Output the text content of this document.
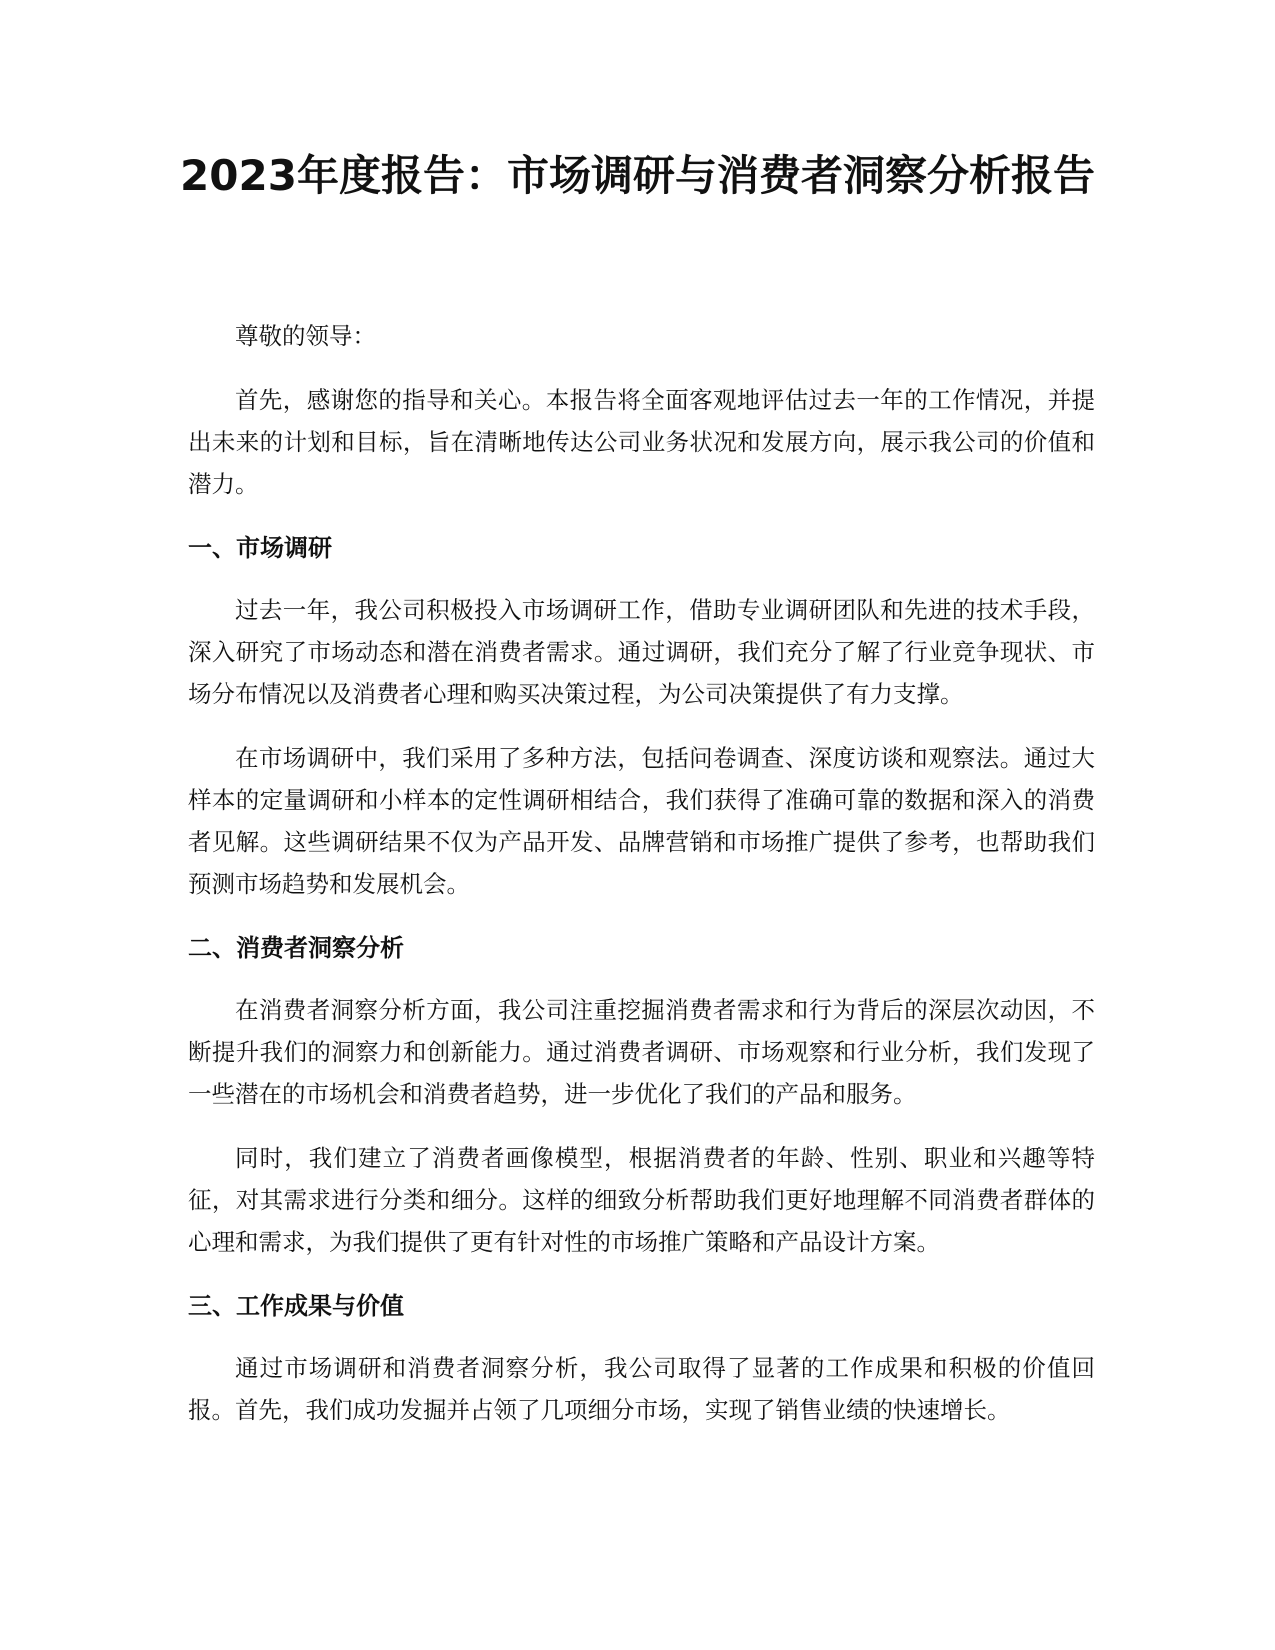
2023年度报告：市场调研与消费者洞察分析报告

尊敬的领导：

首先，感谢您的指导和关心。本报告将全面客观地评估过去一年的工作情况，并提出未来的计划和目标，旨在清晰地传达公司业务状况和发展方向，展示我公司的价值和潜力。

一、市场调研

过去一年，我公司积极投入市场调研工作，借助专业调研团队和先进的技术手段，深入研究了市场动态和潜在消费者需求。通过调研，我们充分了解了行业竞争现状、市场分布情况以及消费者心理和购买决策过程，为公司决策提供了有力支撑。

在市场调研中，我们采用了多种方法，包括问卷调查、深度访谈和观察法。通过大样本的定量调研和小样本的定性调研相结合，我们获得了准确可靠的数据和深入的消费者见解。这些调研结果不仅为产品开发、品牌营销和市场推广提供了参考，也帮助我们预测市场趋势和发展机会。

二、消费者洞察分析

在消费者洞察分析方面，我公司注重挖掘消费者需求和行为背后的深层次动因，不断提升我们的洞察力和创新能力。通过消费者调研、市场观察和行业分析，我们发现了一些潜在的市场机会和消费者趋势，进一步优化了我们的产品和服务。

同时，我们建立了消费者画像模型，根据消费者的年龄、性别、职业和兴趣等特征，对其需求进行分类和细分。这样的细致分析帮助我们更好地理解不同消费者群体的心理和需求，为我们提供了更有针对性的市场推广策略和产品设计方案。

三、工作成果与价值

通过市场调研和消费者洞察分析，我公司取得了显著的工作成果和积极的价值回报。首先，我们成功发掘并占领了几项细分市场，实现了销售业绩的快速增长。
